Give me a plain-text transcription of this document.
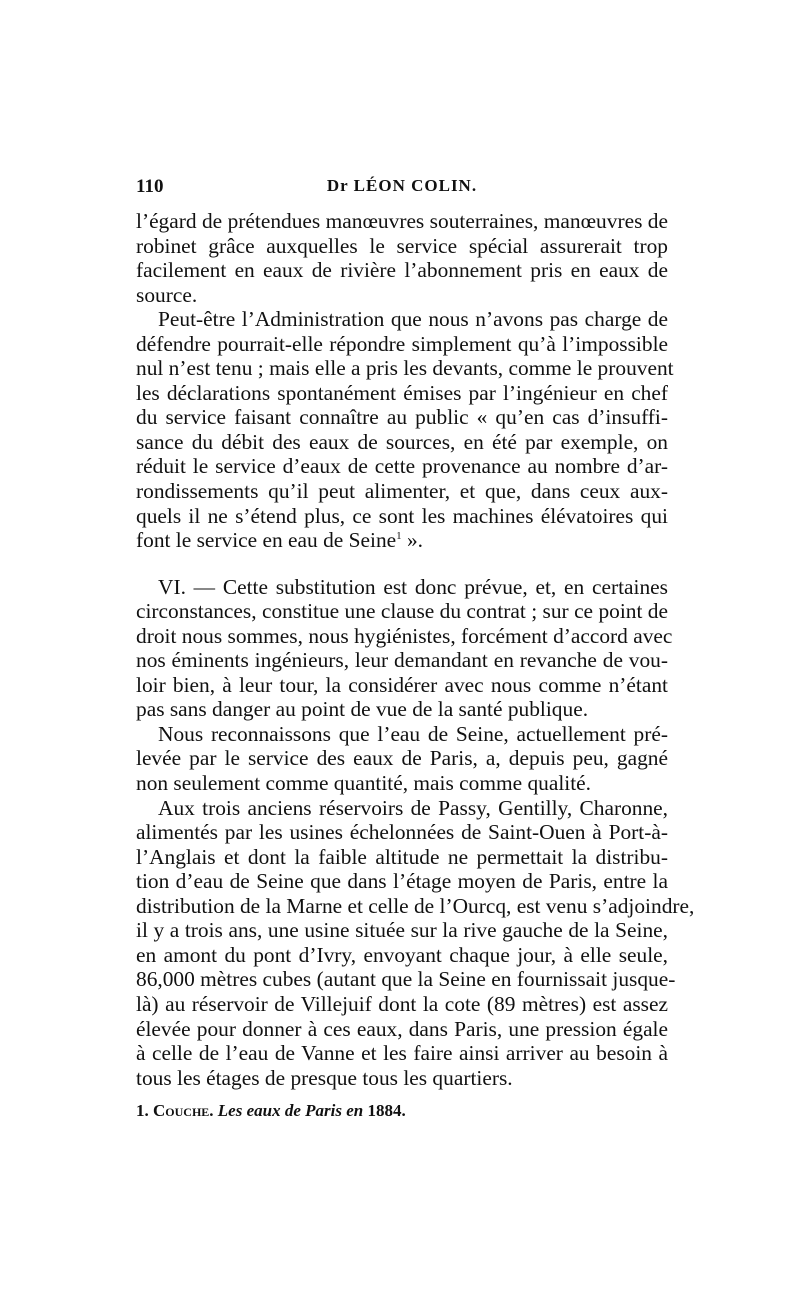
110	Dr LÉON COLIN.
l’égard de prétendues manœuvres souterraines, manœuvres de
robinet grâce auxquelles le service spécial assurerait trop
facilement en eaux de rivière l’abonnement pris en eaux de
source.
Peut-être l’Administration que nous n’avons pas charge de
défendre pourrait-elle répondre simplement qu’à l’impossible
nul n’est tenu ; mais elle a pris les devants, comme le prouvent
les déclarations spontanément émises par l’ingénieur en chef
du service faisant connaître au public « qu’en cas d’insuffi-
sance du débit des eaux de sources, en été par exemple, on
réduit le service d’eaux de cette provenance au nombre d’ar-
rondissements qu’il peut alimenter, et que, dans ceux aux-
quels il ne s’étend plus, ce sont les machines élévatoires qui
font le service en eau de Seine$^1$ ».
VI. — Cette substitution est donc prévue, et, en certaines
circonstances, constitue une clause du contrat ; sur ce point de
droit nous sommes, nous hygiénistes, forcément d’accord avec
nos éminents ingénieurs, leur demandant en revanche de vou-
loir bien, à leur tour, la considérer avec nous comme n’étant
pas sans danger au point de vue de la santé publique.
Nous reconnaissons que l’eau de Seine, actuellement pré-
levée par le service des eaux de Paris, a, depuis peu, gagné
non seulement comme quantité, mais comme qualité.
Aux trois anciens réservoirs de Passy, Gentilly, Charonne,
alimentés par les usines échelonnées de Saint-Ouen à Port-à-
l’Anglais et dont la faible altitude ne permettait la distribu-
tion d’eau de Seine que dans l’étage moyen de Paris, entre la
distribution de la Marne et celle de l’Ourcq, est venu s’adjoindre,
il y a trois ans, une usine située sur la rive gauche de la Seine,
en amont du pont d’Ivry, envoyant chaque jour, à elle seule,
86,000 mètres cubes (autant que la Seine en fournissait jusque-
là) au réservoir de Villejuif dont la cote (89 mètres) est assez
élevée pour donner à ces eaux, dans Paris, une pression égale
à celle de l’eau de Vanne et les faire ainsi arriver au besoin à
tous les étages de presque tous les quartiers.
1. Couche. Les eaux de Paris en 1884.
